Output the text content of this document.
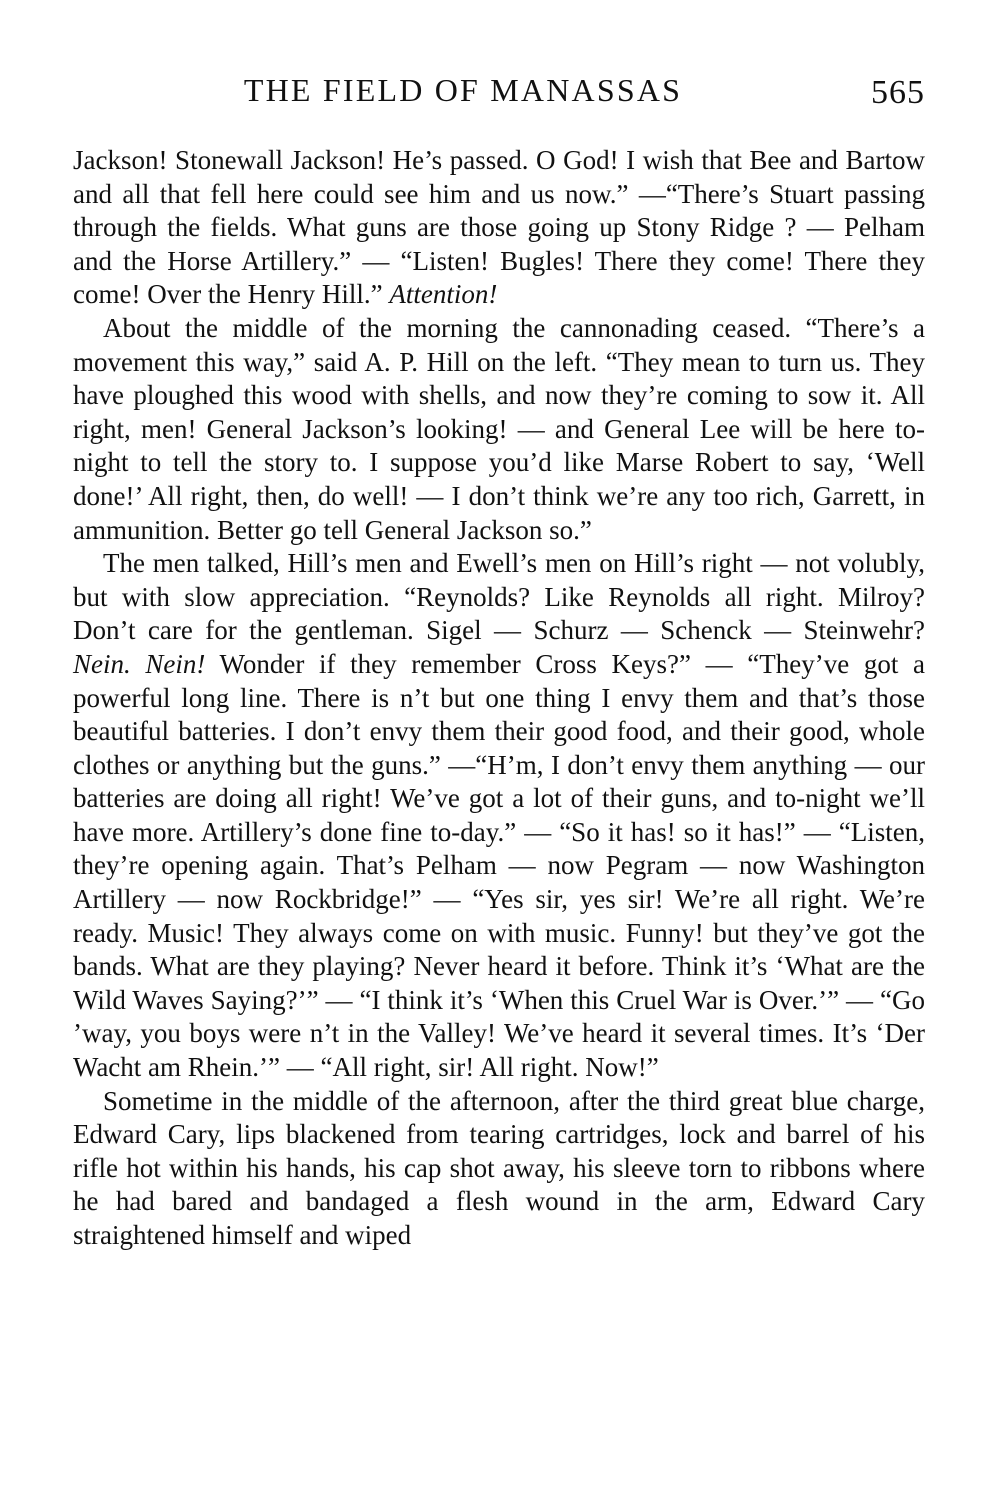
THE FIELD OF MANASSAS	565

Jackson! Stonewall Jackson! He’s passed. O God! I wish that Bee and Bartow and all that fell here could see him and us now.” —“There’s Stuart passing through the fields. What guns are those going up Stony Ridge ? — Pelham and the Horse Artillery.” — “Listen! Bugles! There they come! There they come! Over the Henry Hill.” Attention!

About the middle of the morning the cannonading ceased. “There’s a movement this way,” said A. P. Hill on the left. “They mean to turn us. They have ploughed this wood with shells, and now they’re coming to sow it. All right, men! General Jackson’s looking! — and General Lee will be here to-night to tell the story to. I suppose you’d like Marse Robert to say, ‘Well done!’ All right, then, do well! — I don’t think we’re any too rich, Garrett, in ammunition. Better go tell General Jackson so.”

The men talked, Hill’s men and Ewell’s men on Hill’s right — not volubly, but with slow appreciation. “Reynolds? Like Reynolds all right. Milroy? Don’t care for the gentleman. Sigel — Schurz — Schenck — Steinwehr? Nein. Nein! Wonder if they remember Cross Keys?” — “They’ve got a powerful long line. There is n’t but one thing I envy them and that’s those beautiful batteries. I don’t envy them their good food, and their good, whole clothes or anything but the guns.” —“H’m, I don’t envy them anything — our batteries are doing all right! We’ve got a lot of their guns, and to-night we’ll have more. Artillery’s done fine to-day.” — “So it has! so it has!” — “Listen, they’re opening again. That’s Pelham — now Pegram — now Washington Artillery — now Rockbridge!” — “Yes sir, yes sir! We’re all right. We’re ready. Music! They always come on with music. Funny! but they’ve got the bands. What are they playing? Never heard it before. Think it’s ‘What are the Wild Waves Saying?’” — “I think it’s ‘When this Cruel War is Over.’” — “Go ’way, you boys were n’t in the Valley! We’ve heard it several times. It’s ‘Der Wacht am Rhein.’” — “All right, sir! All right. Now!”

Sometime in the middle of the afternoon, after the third great blue charge, Edward Cary, lips blackened from tearing cartridges, lock and barrel of his rifle hot within his hands, his cap shot away, his sleeve torn to ribbons where he had bared and bandaged a flesh wound in the arm, Edward Cary straightened himself and wiped
